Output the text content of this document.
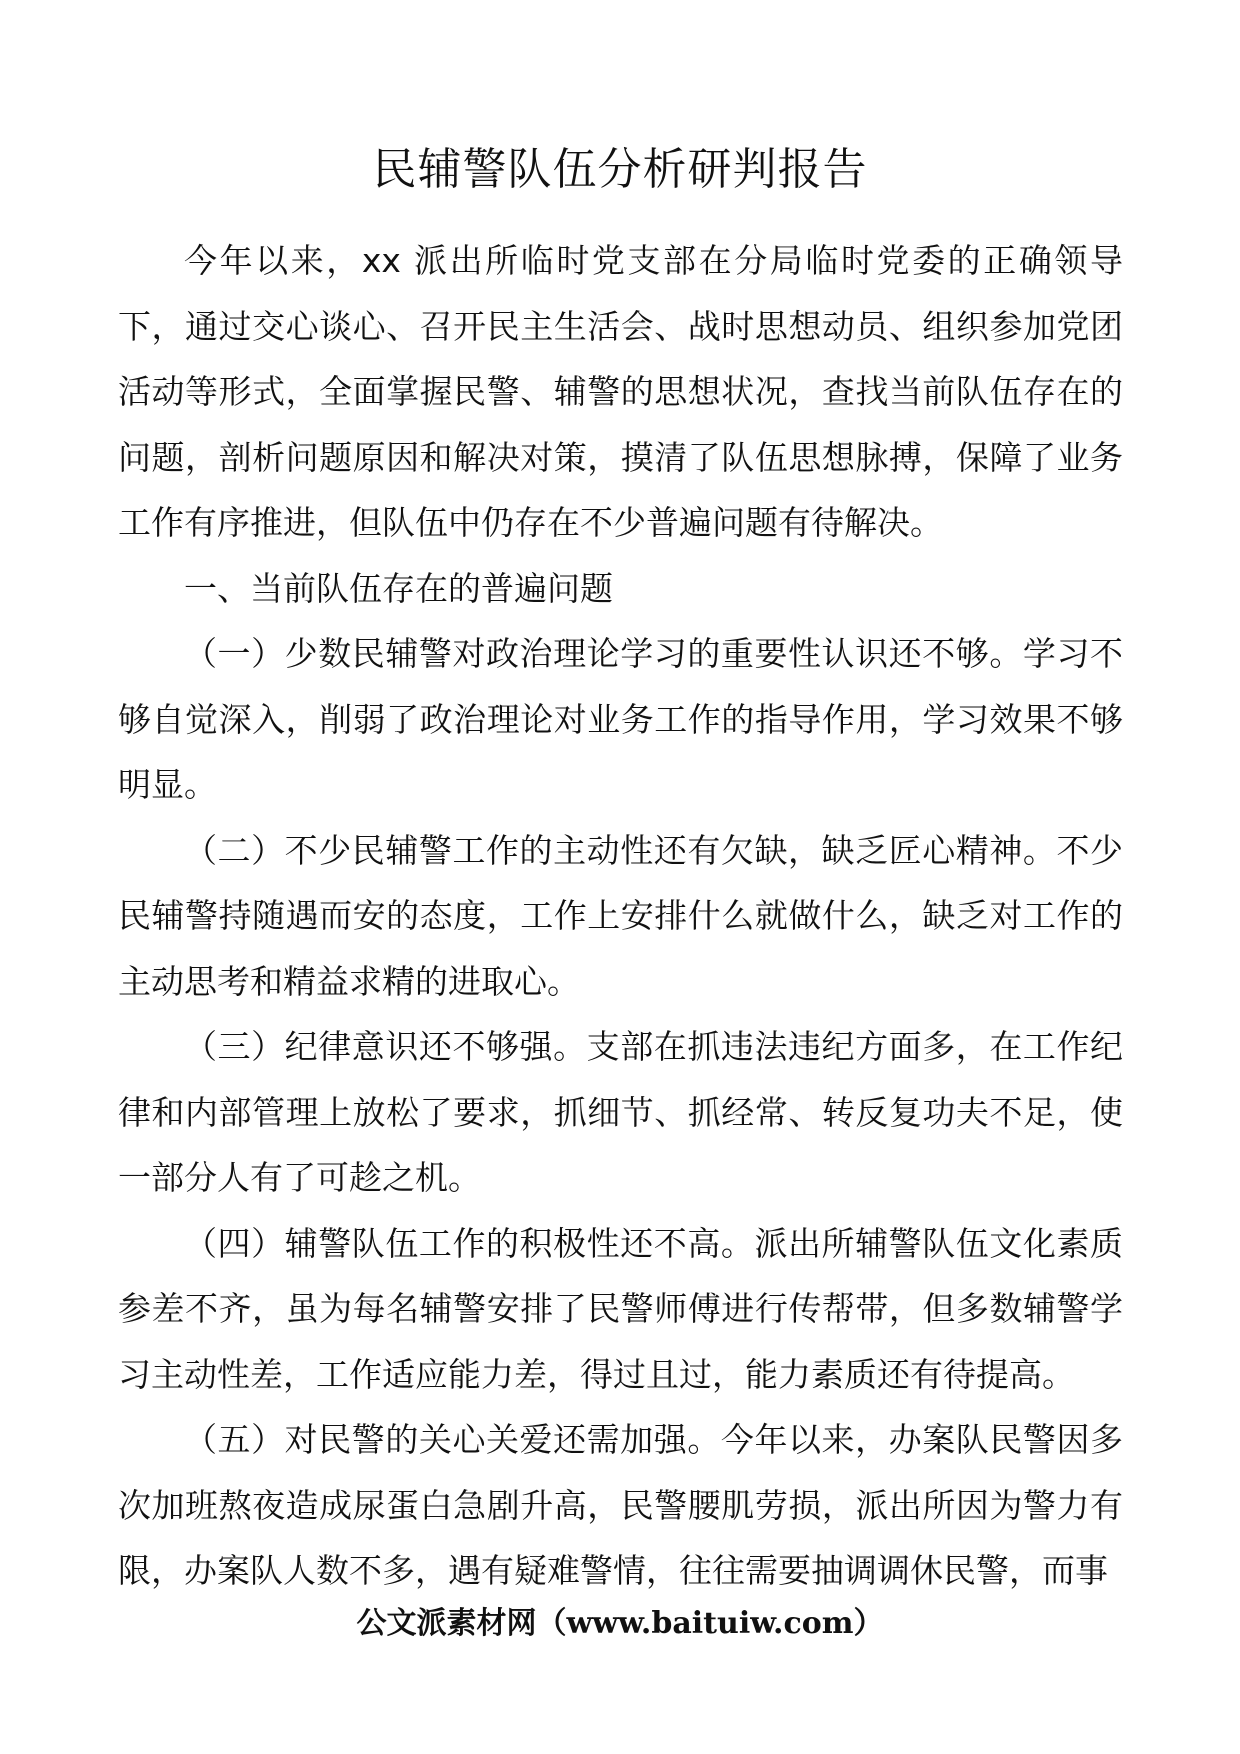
民辅警队伍分析研判报告

今年以来，xx 派出所临时党支部在分局临时党委的正确领导下，通过交心谈心、召开民主生活会、战时思想动员、组织参加党团活动等形式，全面掌握民警、辅警的思想状况，查找当前队伍存在的问题，剖析问题原因和解决对策，摸清了队伍思想脉搏，保障了业务工作有序推进，但队伍中仍存在不少普遍问题有待解决。

一、当前队伍存在的普遍问题

（一）少数民辅警对政治理论学习的重要性认识还不够。学习不够自觉深入，削弱了政治理论对业务工作的指导作用，学习效果不够明显。

（二）不少民辅警工作的主动性还有欠缺，缺乏匠心精神。不少民辅警持随遇而安的态度，工作上安排什么就做什么，缺乏对工作的主动思考和精益求精的进取心。

（三）纪律意识还不够强。支部在抓违法违纪方面多，在工作纪律和内部管理上放松了要求，抓细节、抓经常、转反复功夫不足，使一部分人有了可趁之机。

（四）辅警队伍工作的积极性还不高。派出所辅警队伍文化素质参差不齐，虽为每名辅警安排了民警师傅进行传帮带，但多数辅警学习主动性差，工作适应能力差，得过且过，能力素质还有待提高。

（五）对民警的关心关爱还需加强。今年以来，办案队民警因多次加班熬夜造成尿蛋白急剧升高，民警腰肌劳损，派出所因为警力有限，办案队人数不多，遇有疑难警情，往往需要抽调调休民警，而事

公文派素材网（www.baituiw.com）
